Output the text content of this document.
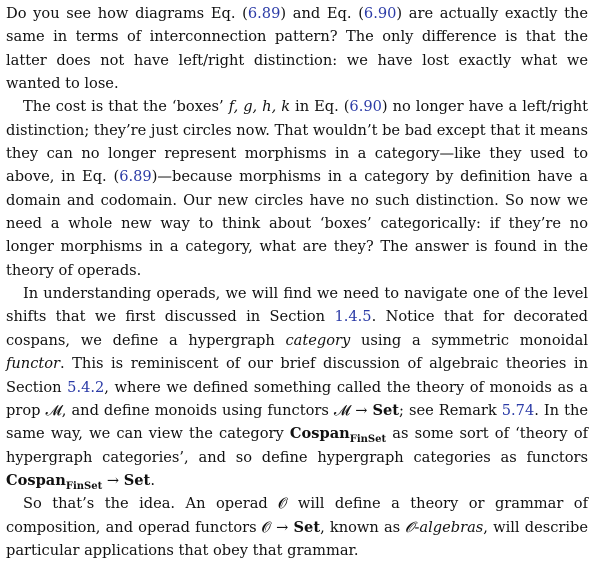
Do you see how diagrams Eq. (6.89) and Eq. (6.90) are actually exactly the same in terms of interconnection pattern? The only difference is that the latter does not have left/right distinction: we have lost exactly what we wanted to lose.

The cost is that the ‘boxes’ f, g, h, k in Eq. (6.90) no longer have a left/right distinction; they’re just circles now. That wouldn’t be bad except that it means they can no longer represent morphisms in a category—like they used to above, in Eq. (6.89)—because morphisms in a category by definition have a domain and codomain. Our new circles have no such distinction. So now we need a whole new way to think about ‘boxes’ categorically: if they’re no longer morphisms in a category, what are they? The answer is found in the theory of operads.

In understanding operads, we will find we need to navigate one of the level shifts that we first discussed in Section 1.4.5. Notice that for decorated cospans, we define a hypergraph category using a symmetric monoidal functor. This is reminiscent of our brief discussion of algebraic theories in Section 5.4.2, where we defined something called the theory of monoids as a prop 𝓜, and define monoids using functors 𝓜 → Set; see Remark 5.74. In the same way, we can view the category Cospan$_{FinSet}$ as some sort of ‘theory of hypergraph categories’, and so define hypergraph categories as functors Cospan$_{FinSet}$ → Set.

So that’s the idea. An operad 𝓞 will define a theory or grammar of composition, and operad functors 𝓞 → Set, known as 𝓞-algebras, will describe particular applications that obey that grammar.
